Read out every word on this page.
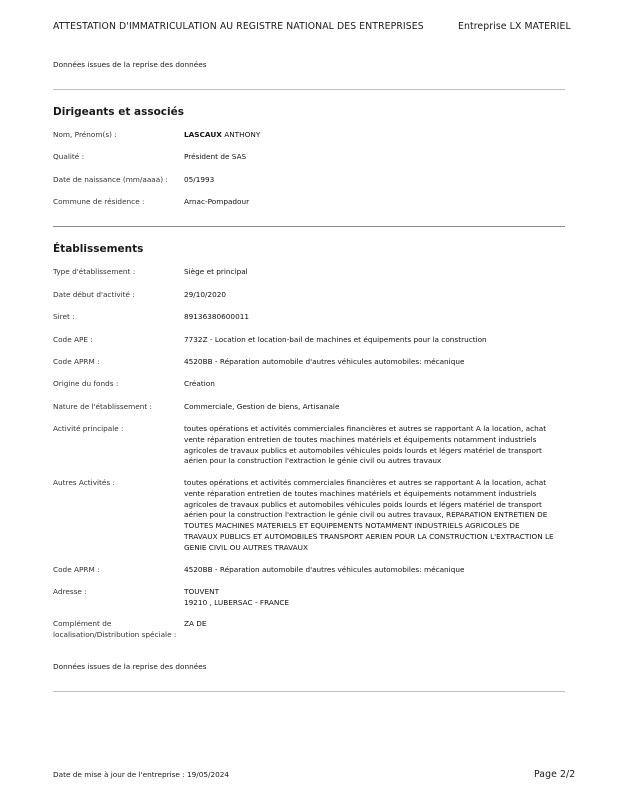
ATTESTATION D'IMMATRICULATION AU REGISTRE NATIONAL DES ENTREPRISES	Entreprise LX MATERIEL
Données issues de la reprise des données
Dirigeants et associés
Nom, Prénom(s) :	LASCAUX ANTHONY
Qualité :	Président de SAS
Date de naissance (mm/aaaa) : 05/1993
Commune de résidence :	Arnac-Pompadour
Établissements
Type d'établissement :	Siège et principal
Date début d'activité :	29/10/2020
Siret :	89136380600011
Code APE :	7732Z - Location et location-bail de machines et équipements pour la construction
Code APRM :	4520BB - Réparation automobile d'autres véhicules automobiles: mécanique
Origine du fonds :	Création
Nature de l'établissement :	Commerciale, Gestion de biens, Artisanale
Activité principale :	toutes opérations et activités commerciales financières et autres se rapportant A la location, achat
vente réparation entretien de toutes machines matériels et équipements notamment industriels
agricoles de travaux publics et automobiles véhicules poids lourds et légers matériel de transport
aérien pour la construction l'extraction le génie civil ou autres travaux
Autres Activités :	toutes opérations et activités commerciales financières et autres se rapportant A la location, achat
vente réparation entretien de toutes machines matériels et équipements notamment industriels
agricoles de travaux publics et automobiles véhicules poids lourds et légers matériel de transport
aérien pour la construction l'extraction le génie civil ou autres travaux, REPARATION ENTRETIEN DE
TOUTES MACHINES MATERIELS ET EQUIPEMENTS NOTAMMENT INDUSTRIELS AGRICOLES DE
TRAVAUX PUBLICS ET AUTOMOBILES TRANSPORT AERIEN POUR LA CONSTRUCTION L'EXTRACTION LE
GENIE CIVIL OU AUTRES TRAVAUX
Code APRM :	4520BB - Réparation automobile d'autres véhicules automobiles: mécanique
Adresse :	TOUVENT
19210 , LUBERSAC - FRANCE
Complément de
localisation/Distribution spéciale :
ZA DE
Données issues de la reprise des données
Date de mise à jour de l'entreprise : 19/05/2024	Page 2/2
